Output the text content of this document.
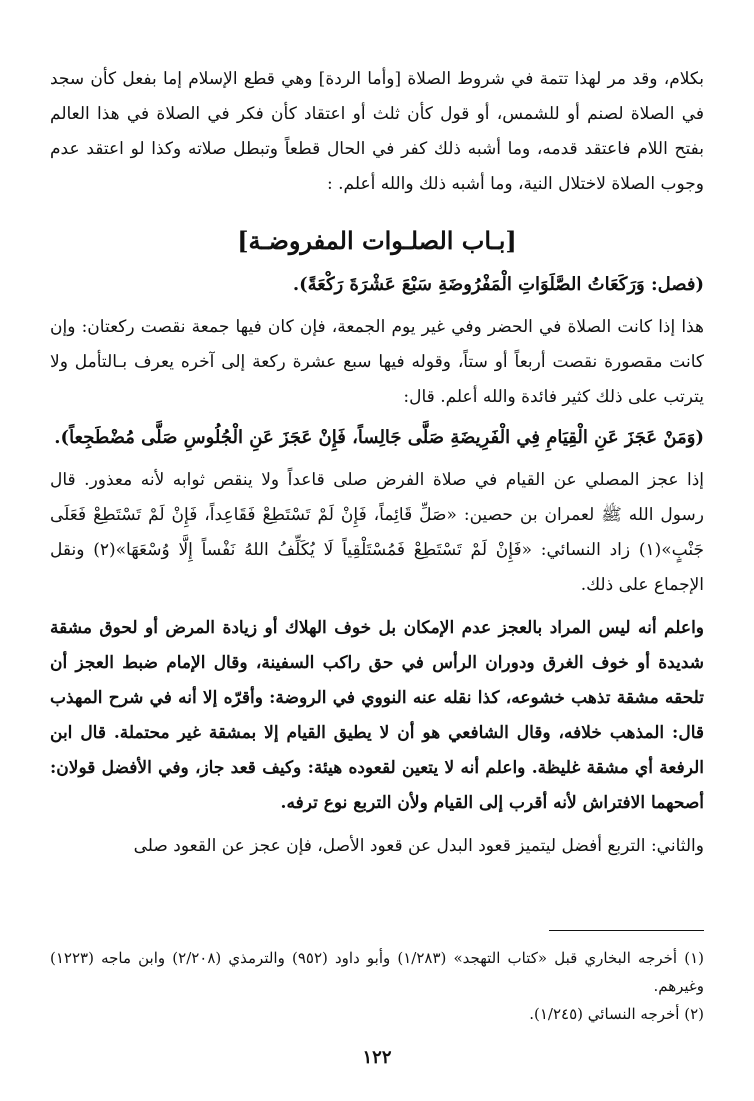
بكلام، وقد مر لهذا تتمة في شروط الصلاة [وأما الردة] وهي قطع الإسلام إما بفعل كأن سجد في الصلاة لصنم أو للشمس، أو قول كأن ثلث أو اعتقاد كأن فكر في الصلاة في هذا العالم بفتح اللام فاعتقد قدمه، وما أشبه ذلك كفر في الحال قطعاً وتبطل صلاته وكذا لو اعتقد عدم وجوب الصلاة لاختلال النية، وما أشبه ذلك والله أعلم. :

[بـاب الصلـوات المفروضـة]

(فصل: وَرَكَعَاتُ الصَّلَوَاتِ الْمَفْرُوضَةِ سَبْعَ عَشْرَةَ رَكْعَةً).

هذا إذا كانت الصلاة في الحضر وفي غير يوم الجمعة، فإن كان فيها جمعة نقصت ركعتان: وإن كانت مقصورة نقصت أربعاً أو ستاً، وقوله فيها سبع عشرة ركعة إلى آخره يعرف بـالتأمل ولا يترتب على ذلك كثير فائدة والله أعلم. قال:

(وَمَنْ عَجَزَ عَنِ الْقِيَامِ فِي الْفَرِيضَةِ صَلَّى جَالِساً، فَإِنْ عَجَزَ عَنِ الْجُلُوسِ صَلَّى مُضْطَجِعاً).

إذا عجز المصلي عن القيام في صلاة الفرض صلى قاعداً ولا ينقص ثوابه لأنه معذور. قال رسول الله ﷺ لعمران بن حصين: «صَلِّ قَائِماً، فَإِنْ لَمْ تَسْتَطِعْ فَقَاعِداً، فَإِنْ لَمْ تَسْتَطِعْ فَعَلَى جَنْبٍ»(١) زاد النسائي: «فَإِنْ لَمْ تَسْتَطِعْ فَمُسْتَلْقِياً لَا يُكَلِّفُ اللهُ نَفْساً إِلَّا وُسْعَهَا»(٢) ونقل الإجماع على ذلك.

واعلم أنه ليس المراد بالعجز عدم الإمكان بل خوف الهلاك أو زيادة المرض أو لحوق مشقة شديدة أو خوف الغرق ودوران الرأس في حق راكب السفينة، وقال الإمام ضبط العجز أن تلحقه مشقة تذهب خشوعه، كذا نقله عنه النووي في الروضة: وأقرّه إلا أنه في شرح المهذب قال: المذهب خلافه، وقال الشافعي هو أن لا يطيق القيام إلا بمشقة غير محتملة. قال ابن الرفعة أي مشقة غليظة. واعلم أنه لا يتعين لقعوده هيئة: وكيف قعد جاز، وفي الأفضل قولان: أصحهما الافتراش لأنه أقرب إلى القيام ولأن التربع نوع ترفه.

والثاني: التربع أفضل ليتميز قعود البدل عن قعود الأصل، فإن عجز عن القعود صلى

(١) أخرجه البخاري قبل «كتاب التهجد» (١/٢٨٣) وأبو داود (٩٥٢) والترمذي (٢/٢٠٨) وابن ماجه (١٢٢٣) وغيرهم.

(٢) أخرجه النسائي (١/٢٤٥).

١٢٢
